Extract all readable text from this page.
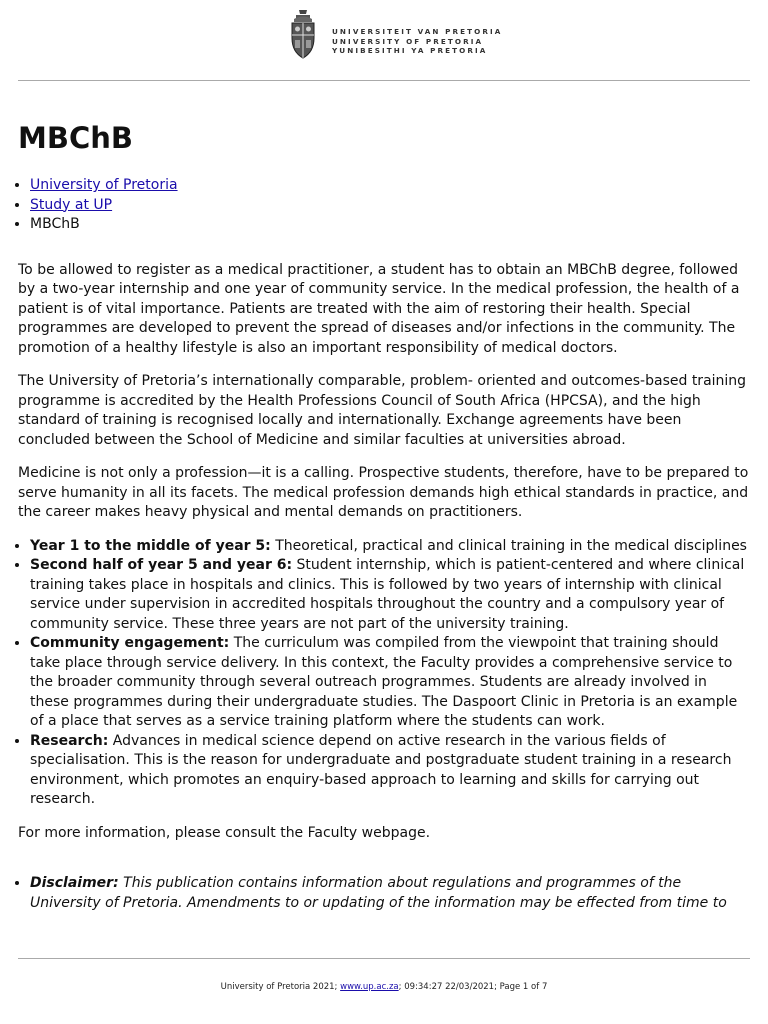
UNIVERSITEIT VAN PRETORIA
UNIVERSITY OF PRETORIA
YUNIBESITHI YA PRETORIA
MBChB
• University of Pretoria
• Study at UP
• MBChB

To be allowed to register as a medical practitioner, a student has to obtain an MBChB degree, followed by a two-year internship and one year of community service. In the medical profession, the health of a patient is of vital importance. Patients are treated with the aim of restoring their health. Special programmes are developed to prevent the spread of diseases and/or infections in the community. The promotion of a healthy lifestyle is also an important responsibility of medical doctors.

The University of Pretoria’s internationally comparable, problem- oriented and outcomes-based training programme is accredited by the Health Professions Council of South Africa (HPCSA), and the high standard of training is recognised locally and internationally. Exchange agreements have been concluded between the School of Medicine and similar faculties at universities abroad.

Medicine is not only a profession—it is a calling. Prospective students, therefore, have to be prepared to serve humanity in all its facets. The medical profession demands high ethical standards in practice, and the career makes heavy physical and mental demands on practitioners.

• Year 1 to the middle of year 5: Theoretical, practical and clinical training in the medical disciplines
• Second half of year 5 and year 6: Student internship, which is patient-centered and where clinical training takes place in hospitals and clinics. This is followed by two years of internship with clinical service under supervision in accredited hospitals throughout the country and a compulsory year of community service. These three years are not part of the university training.
• Community engagement: The curriculum was compiled from the viewpoint that training should take place through service delivery. In this context, the Faculty provides a comprehensive service to the broader community through several outreach programmes. Students are already involved in these programmes during their undergraduate studies. The Daspoort Clinic in Pretoria is an example of a place that serves as a service training platform where the students can work.
• Research: Advances in medical science depend on active research in the various fields of specialisation. This is the reason for undergraduate and postgraduate student training in a research environment, which promotes an enquiry-based approach to learning and skills for carrying out research.

For more information, please consult the Faculty webpage.

• Disclaimer: This publication contains information about regulations and programmes of the University of Pretoria. Amendments to or updating of the information may be effected from time to
University of Pretoria 2021; www.up.ac.za; 09:34:27 22/03/2021; Page 1 of 7
